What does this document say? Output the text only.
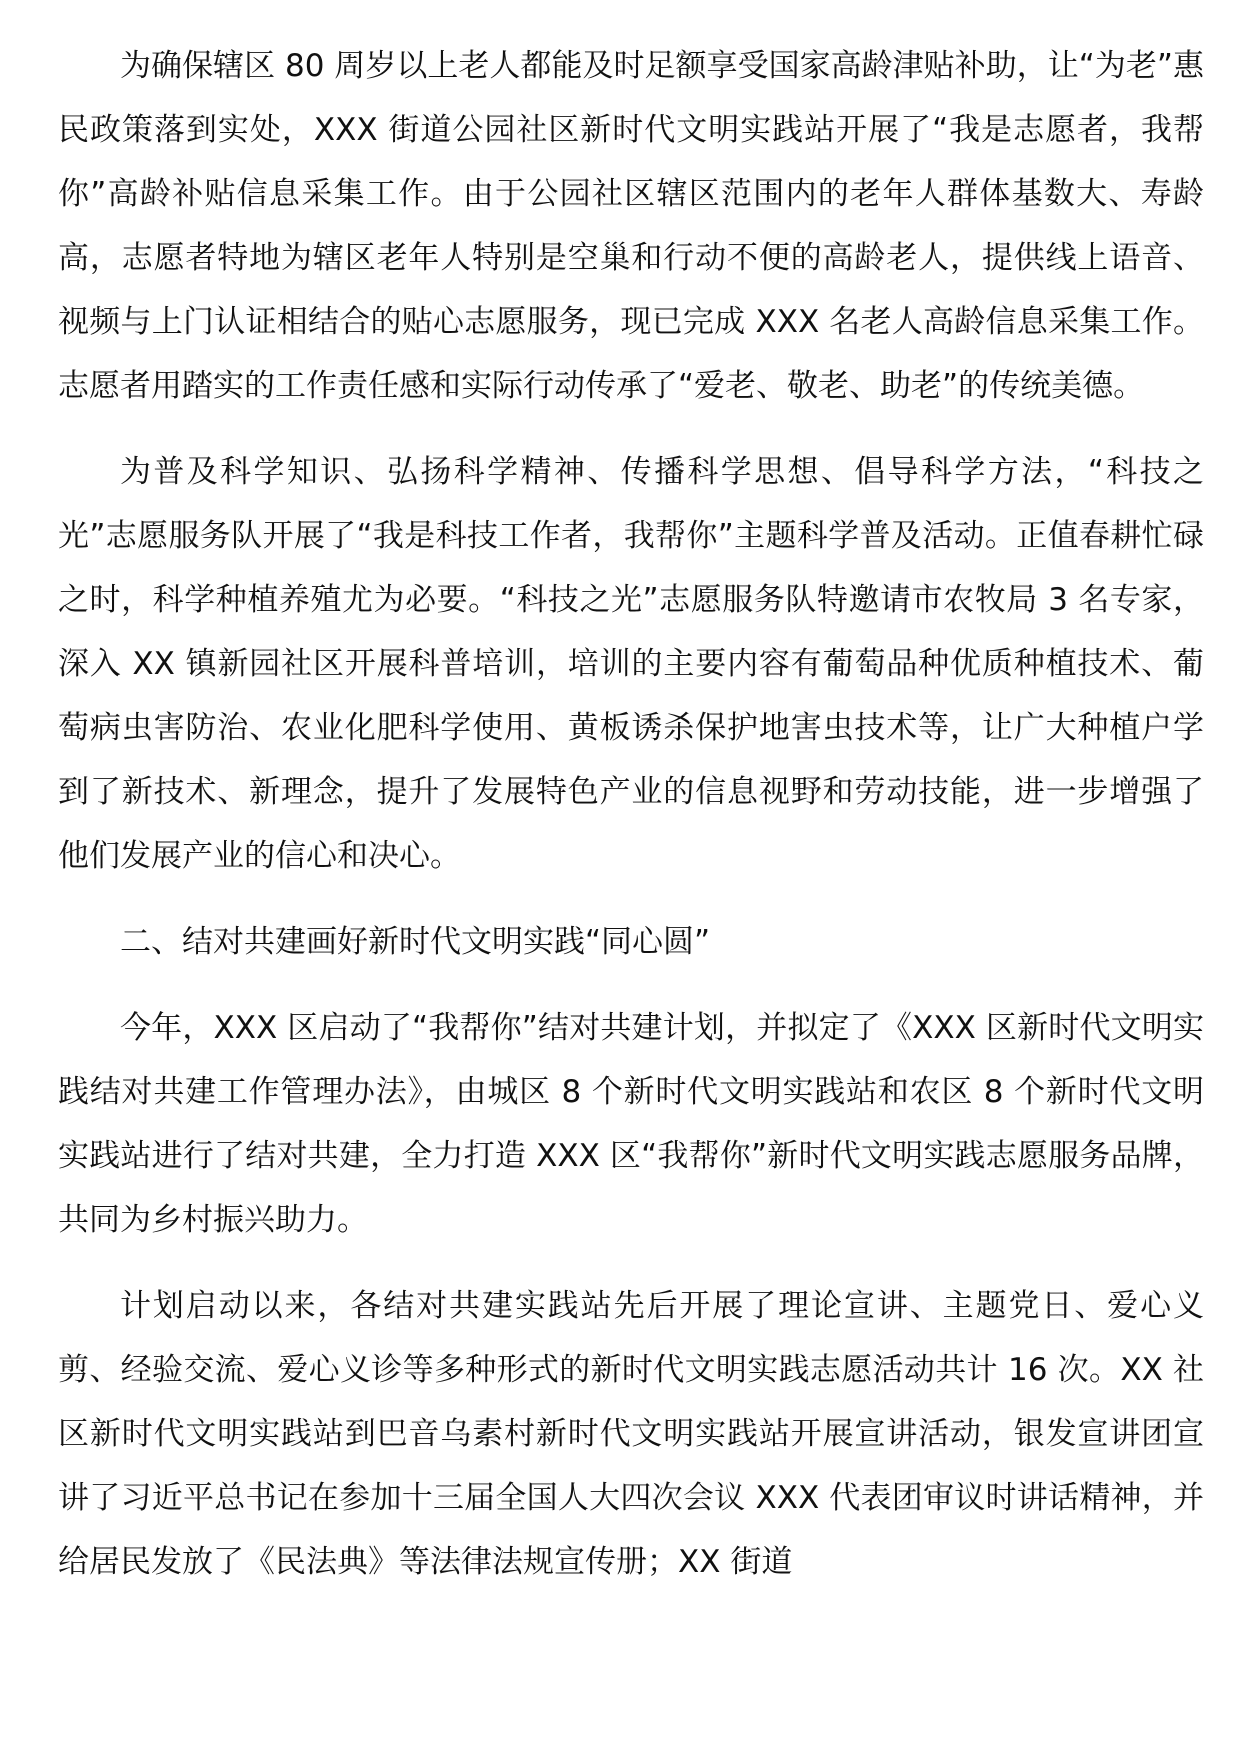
为确保辖区 80 周岁以上老人都能及时足额享受国家高龄津贴补助，让“为老”惠民政策落到实处，XXX 街道公园社区新时代文明实践站开展了“我是志愿者，我帮你”高龄补贴信息采集工作。由于公园社区辖区范围内的老年人群体基数大、寿龄高，志愿者特地为辖区老年人特别是空巢和行动不便的高龄老人，提供线上语音、视频与上门认证相结合的贴心志愿服务，现已完成 XXX 名老人高龄信息采集工作。志愿者用踏实的工作责任感和实际行动传承了“爱老、敬老、助老”的传统美德。

为普及科学知识、弘扬科学精神、传播科学思想、倡导科学方法，“科技之光”志愿服务队开展了“我是科技工作者，我帮你”主题科学普及活动。正值春耕忙碌之时，科学种植养殖尤为必要。“科技之光”志愿服务队特邀请市农牧局 3 名专家，深入 XX 镇新园社区开展科普培训，培训的主要内容有葡萄品种优质种植技术、葡萄病虫害防治、农业化肥科学使用、黄板诱杀保护地害虫技术等，让广大种植户学到了新技术、新理念，提升了发展特色产业的信息视野和劳动技能，进一步增强了他们发展产业的信心和决心。

二、结对共建画好新时代文明实践“同心圆”

今年，XXX 区启动了“我帮你”结对共建计划，并拟定了《XXX 区新时代文明实践结对共建工作管理办法》，由城区 8 个新时代文明实践站和农区 8 个新时代文明实践站进行了结对共建，全力打造 XXX 区“我帮你”新时代文明实践志愿服务品牌，共同为乡村振兴助力。

计划启动以来，各结对共建实践站先后开展了理论宣讲、主题党日、爱心义剪、经验交流、爱心义诊等多种形式的新时代文明实践志愿活动共计 16 次。XX 社区新时代文明实践站到巴音乌素村新时代文明实践站开展宣讲活动，银发宣讲团宣讲了习近平总书记在参加十三届全国人大四次会议 XXX 代表团审议时讲话精神，并给居民发放了《民法典》等法律法规宣传册；XX 街道
